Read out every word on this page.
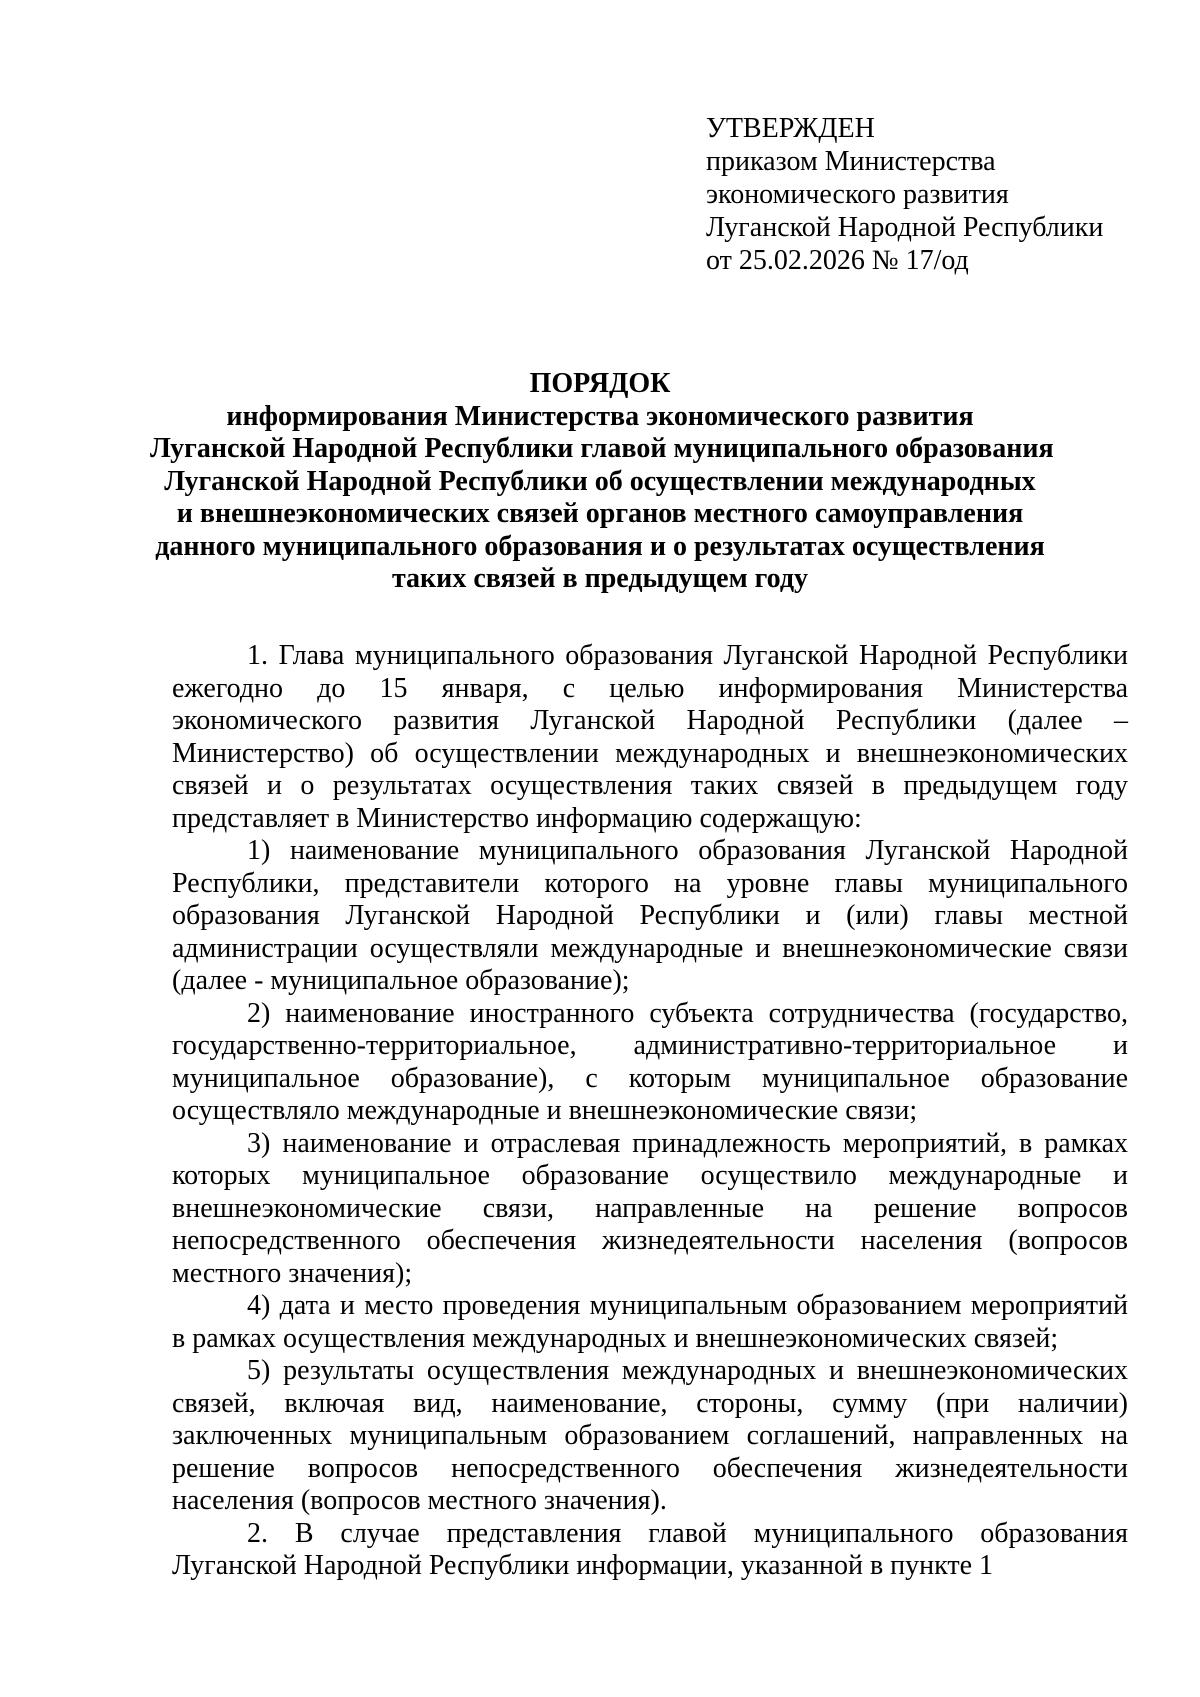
УТВЕРЖДЕН
приказом Министерства
экономического развития
Луганской Народной Республики
от 25.02.2026 № 17/од
ПОРЯДОК
информирования Министерства экономического развития
Луганской Народной Республики главой муниципального образования
Луганской Народной Республики об осуществлении международных
и внешнеэкономических связей органов местного самоуправления
данного муниципального образования и о результатах осуществления
таких связей в предыдущем году

1. Глава муниципального образования Луганской Народной Республики ежегодно до 15 января, с целью информирования Министерства экономического развития Луганской Народной Республики (далее – Министерство) об осуществлении международных и внешнеэкономических связей и о результатах осуществления таких связей в предыдущем году представляет в Министерство информацию содержащую:

1) наименование муниципального образования Луганской Народной Республики, представители которого на уровне главы муниципального образования Луганской Народной Республики и (или) главы местной администрации осуществляли международные и внешнеэкономические связи (далее - муниципальное образование);

2) наименование иностранного субъекта сотрудничества (государство, государственно-территориальное, административно-территориальное и муниципальное образование), с которым муниципальное образование осуществляло международные и внешнеэкономические связи;

3) наименование и отраслевая принадлежность мероприятий, в рамках которых муниципальное образование осуществило международные и внешнеэкономические связи, направленные на решение вопросов непосредственного обеспечения жизнедеятельности населения (вопросов местного значения);

4) дата и место проведения муниципальным образованием мероприятий в рамках осуществления международных и внешнеэкономических связей;

5) результаты осуществления международных и внешнеэкономических связей, включая вид, наименование, стороны, сумму (при наличии) заключенных муниципальным образованием соглашений, направленных на решение вопросов непосредственного обеспечения жизнедеятельности населения (вопросов местного значения).

2. В случае представления главой муниципального образования Луганской Народной Республики информации, указанной в пункте 1
